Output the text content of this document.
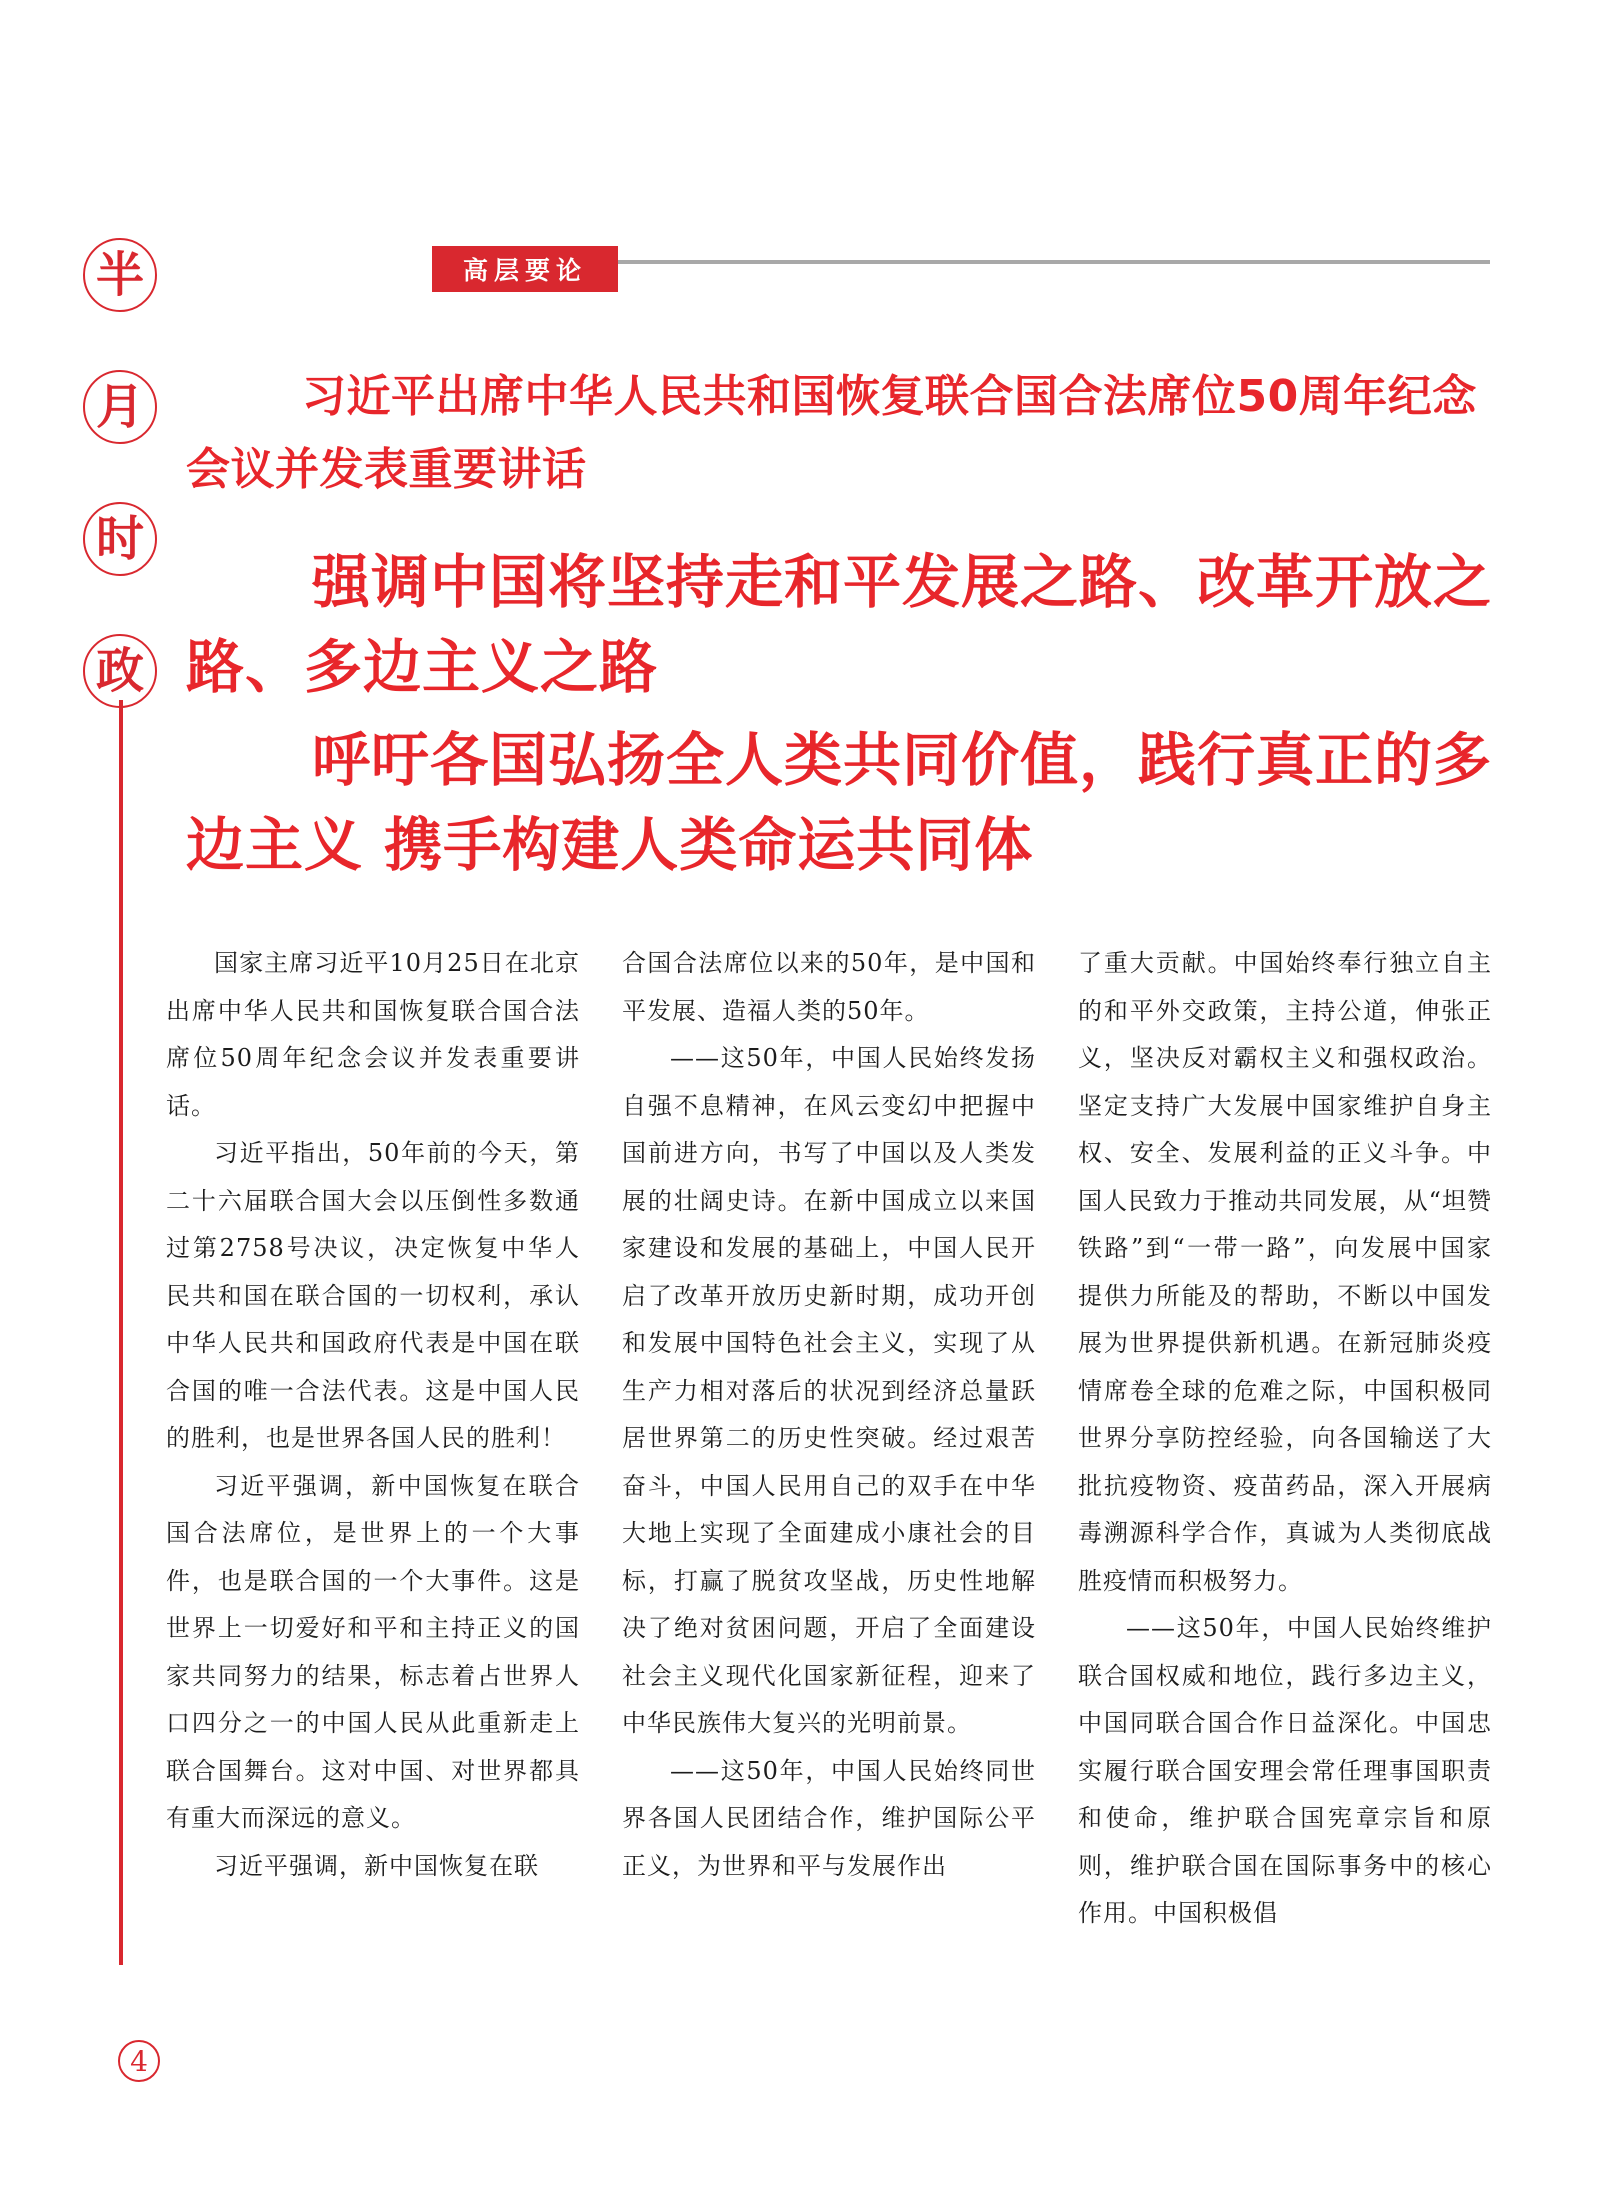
半
月
时
政
4
高层要论
习近平出席中华人民共和国恢复联合国合法席位50周年纪念会议并发表重要讲话
强调中国将坚持走和平发展之路、改革开放之路、多边主义之路
呼吁各国弘扬全人类共同价值，践行真正的多边主义 携手构建人类命运共同体

国家主席习近平10月25日在北京出席中华人民共和国恢复联合国合法席位50周年纪念会议并发表重要讲话。

习近平指出，50年前的今天，第二十六届联合国大会以压倒性多数通过第2758号决议，决定恢复中华人民共和国在联合国的一切权利，承认中华人民共和国政府代表是中国在联合国的唯一合法代表。这是中国人民的胜利，也是世界各国人民的胜利！

习近平强调，新中国恢复在联合国合法席位，是世界上的一个大事件，也是联合国的一个大事件。这是世界上一切爱好和平和主持正义的国家共同努力的结果，标志着占世界人口四分之一的中国人民从此重新走上联合国舞台。这对中国、对世界都具有重大而深远的意义。

习近平强调，新中国恢复在联

合国合法席位以来的50年，是中国和平发展、造福人类的50年。

——这50年，中国人民始终发扬自强不息精神，在风云变幻中把握中国前进方向，书写了中国以及人类发展的壮阔史诗。在新中国成立以来国家建设和发展的基础上，中国人民开启了改革开放历史新时期，成功开创和发展中国特色社会主义，实现了从生产力相对落后的状况到经济总量跃居世界第二的历史性突破。经过艰苦奋斗，中国人民用自己的双手在中华大地上实现了全面建成小康社会的目标，打赢了脱贫攻坚战，历史性地解决了绝对贫困问题，开启了全面建设社会主义现代化国家新征程，迎来了中华民族伟大复兴的光明前景。

——这50年，中国人民始终同世界各国人民团结合作，维护国际公平正义，为世界和平与发展作出

了重大贡献。中国始终奉行独立自主的和平外交政策，主持公道，伸张正义，坚决反对霸权主义和强权政治。坚定支持广大发展中国家维护自身主权、安全、发展利益的正义斗争。中国人民致力于推动共同发展，从“坦赞铁路”到“一带一路”，向发展中国家提供力所能及的帮助，不断以中国发展为世界提供新机遇。在新冠肺炎疫情席卷全球的危难之际，中国积极同世界分享防控经验，向各国输送了大批抗疫物资、疫苗药品，深入开展病毒溯源科学合作，真诚为人类彻底战胜疫情而积极努力。

——这50年，中国人民始终维护联合国权威和地位，践行多边主义，中国同联合国合作日益深化。中国忠实履行联合国安理会常任理事国职责和使命，维护联合国宪章宗旨和原则，维护联合国在国际事务中的核心作用。中国积极倡
